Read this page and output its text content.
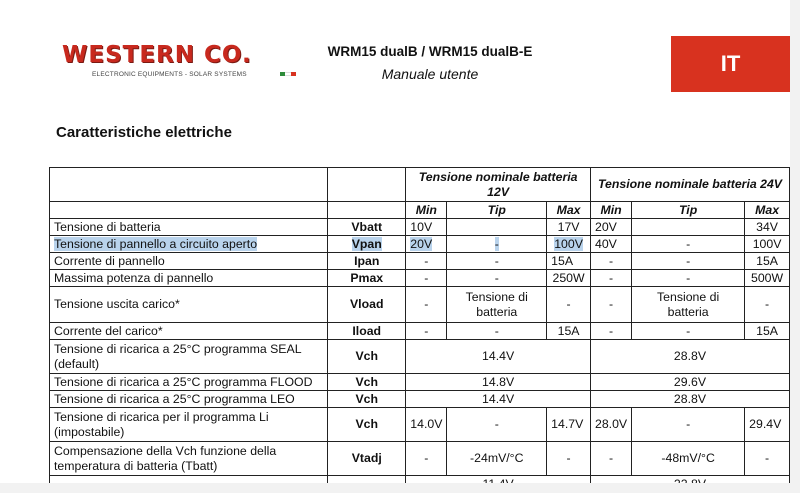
WESTERN CO.
ELECTRONIC EQUIPMENTS - SOLAR SYSTEMS
WRM15 dualB / WRM15 dualB-E
Manuale utente	IT
Caratteristiche elettriche
		Tensione nominale batteria 12V			Tensione nominale batteria 24V		
		Min	Tip	Max	Min	Tip	Max
Tensione di batteria	Vbatt	10V		17V	20V		34V
Tensione di pannello a circuito aperto	Vpan	20V	-	100V	40V	-	100V
Corrente di pannello	Ipan	-	-	15A	-	-	15A
Massima potenza di pannello	Pmax	-	-	250W	-	-	500W
Tensione uscita carico*	Vload	-	Tensione di batteria	-	-	Tensione di batteria	-
Corrente del carico*	Iload	-	-	15A	-	-	15A
Tensione di ricarica a 25°C programma SEAL (default)	Vch	14.4V			28.8V		
Tensione di ricarica a 25°C programma FLOOD	Vch	14.8V			29.6V		
Tensione di ricarica a 25°C programma LEO	Vch	14.4V			28.8V		
Tensione di ricarica per il programma Li (impostabile)	Vch	14.0V	-	14.7V	28.0V	-	29.4V
Compensazione della Vch funzione della temperatura di batteria (Tbatt)	Vtadj	-	-24mV/°C	-	-	-48mV/°C	-
